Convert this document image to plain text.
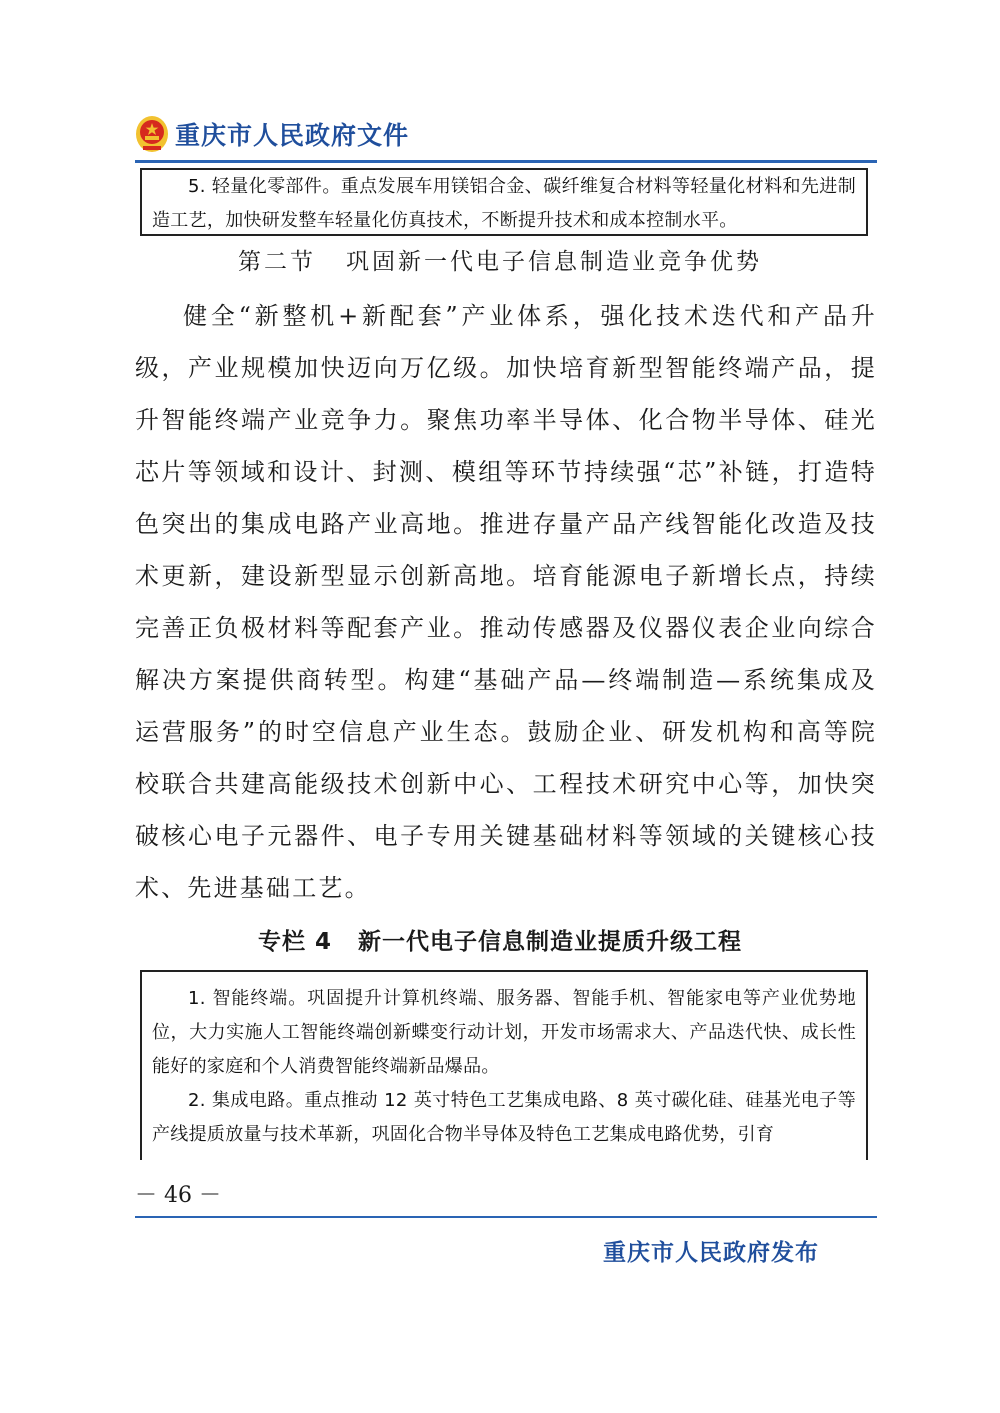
重庆市人民政府文件

5. 轻量化零部件。重点发展车用镁铝合金、碳纤维复合材料等轻量化材料和先进制造工艺，加快研发整车轻量化仿真技术，不断提升技术和成本控制水平。

第二节 巩固新一代电子信息制造业竞争优势

健全“新整机+新配套”产业体系，强化技术迭代和产品升级，产业规模加快迈向万亿级。加快培育新型智能终端产品，提升智能终端产业竞争力。聚焦功率半导体、化合物半导体、硅光芯片等领域和设计、封测、模组等环节持续强“芯”补链，打造特色突出的集成电路产业高地。推进存量产品产线智能化改造及技术更新，建设新型显示创新高地。培育能源电子新增长点，持续完善正负极材料等配套产业。推动传感器及仪器仪表企业向综合解决方案提供商转型。构建“基础产品—终端制造—系统集成及运营服务”的时空信息产业生态。鼓励企业、研发机构和高等院校联合共建高能级技术创新中心、工程技术研究中心等，加快突破核心电子元器件、电子专用关键基础材料等领域的关键核心技术、先进基础工艺。

专栏 4 新一代电子信息制造业提质升级工程

1. 智能终端。巩固提升计算机终端、服务器、智能手机、智能家电等产业优势地位，大力实施人工智能终端创新蝶变行动计划，开发市场需求大、产品迭代快、成长性能好的家庭和个人消费智能终端新品爆品。

2. 集成电路。重点推动 12 英寸特色工艺集成电路、8 英寸碳化硅、硅基光电子等产线提质放量与技术革新，巩固化合物半导体及特色工艺集成电路优势，引育

－ 46 －
重庆市人民政府发布
